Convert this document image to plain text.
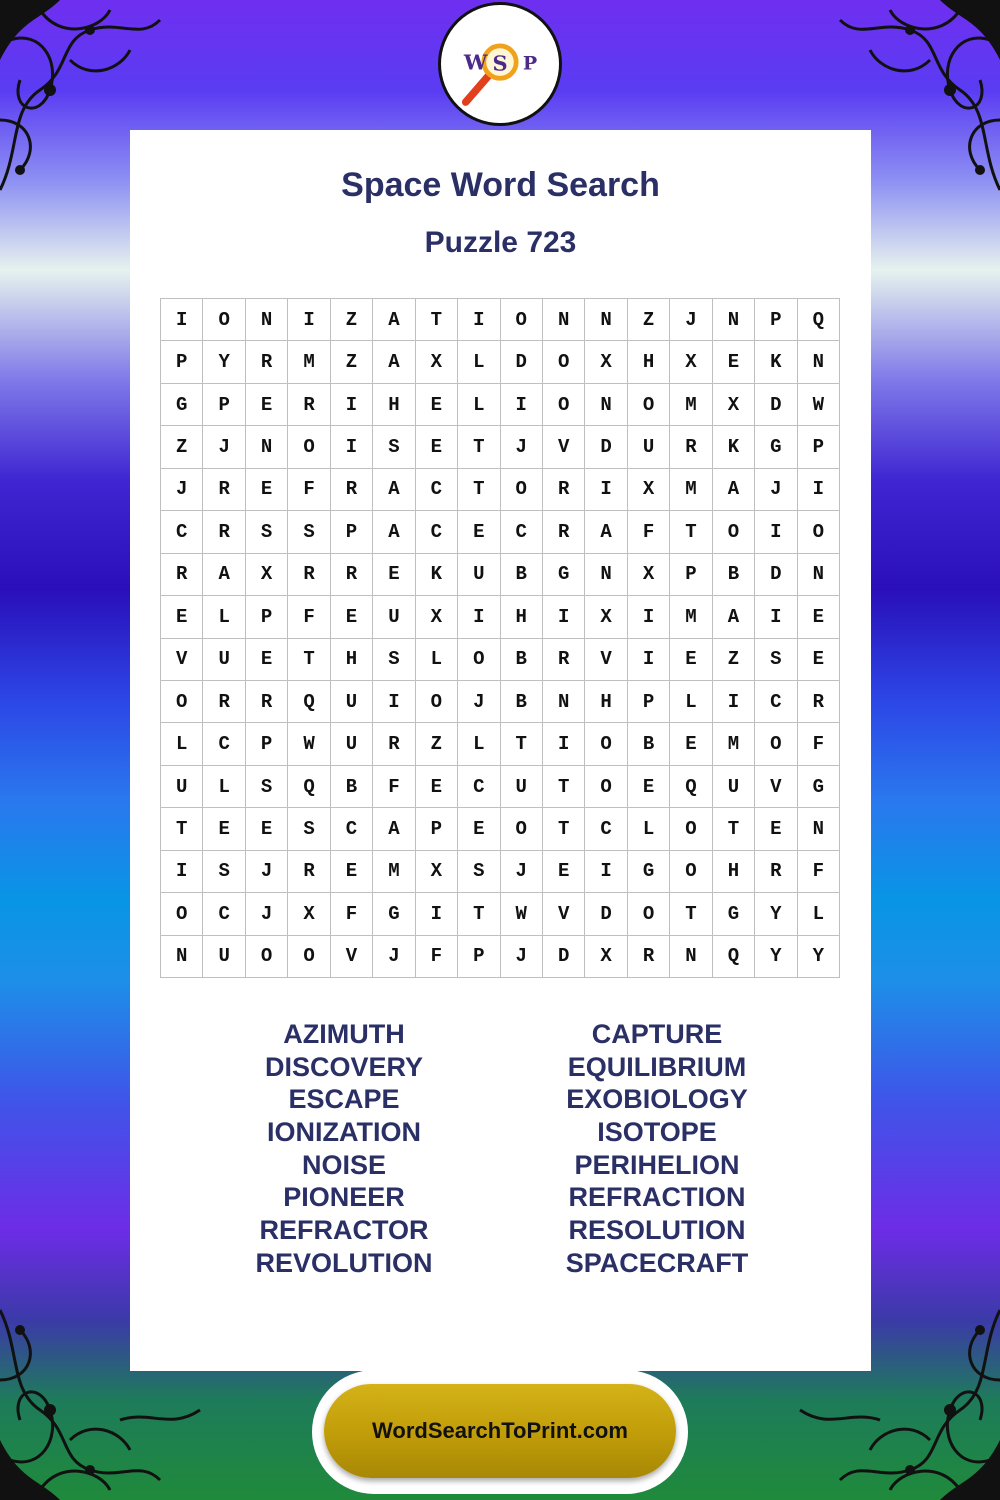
W S P
Space Word Search
Puzzle 723
I	O	N	I	Z	A	T	I	O	N	N	Z	J	N	P	Q
P	Y	R	M	Z	A	X	L	D	O	X	H	X	E	K	N
G	P	E	R	I	H	E	L	I	O	N	O	M	X	D	W
Z	J	N	O	I	S	E	T	J	V	D	U	R	K	G	P
J	R	E	F	R	A	C	T	O	R	I	X	M	A	J	I
C	R	S	S	P	A	C	E	C	R	A	F	T	O	I	O
R	A	X	R	R	E	K	U	B	G	N	X	P	B	D	N
E	L	P	F	E	U	X	I	H	I	X	I	M	A	I	E
V	U	E	T	H	S	L	O	B	R	V	I	E	Z	S	E
O	R	R	Q	U	I	O	J	B	N	H	P	L	I	C	R
L	C	P	W	U	R	Z	L	T	I	O	B	E	M	O	F
U	L	S	Q	B	F	E	C	U	T	O	E	Q	U	V	G
T	E	E	S	C	A	P	E	O	T	C	L	O	T	E	N
I	S	J	R	E	M	X	S	J	E	I	G	O	H	R	F
O	C	J	X	F	G	I	T	W	V	D	O	T	G	Y	L
N	U	O	O	V	J	F	P	J	D	X	R	N	Q	Y	Y
AZIMUTH
DISCOVERY
ESCAPE
IONIZATION
NOISE
PIONEER
REFRACTOR
REVOLUTION
CAPTURE
EQUILIBRIUM
EXOBIOLOGY
ISOTOPE
PERIHELION
REFRACTION
RESOLUTION
SPACECRAFT
WordSearchToPrint.com
